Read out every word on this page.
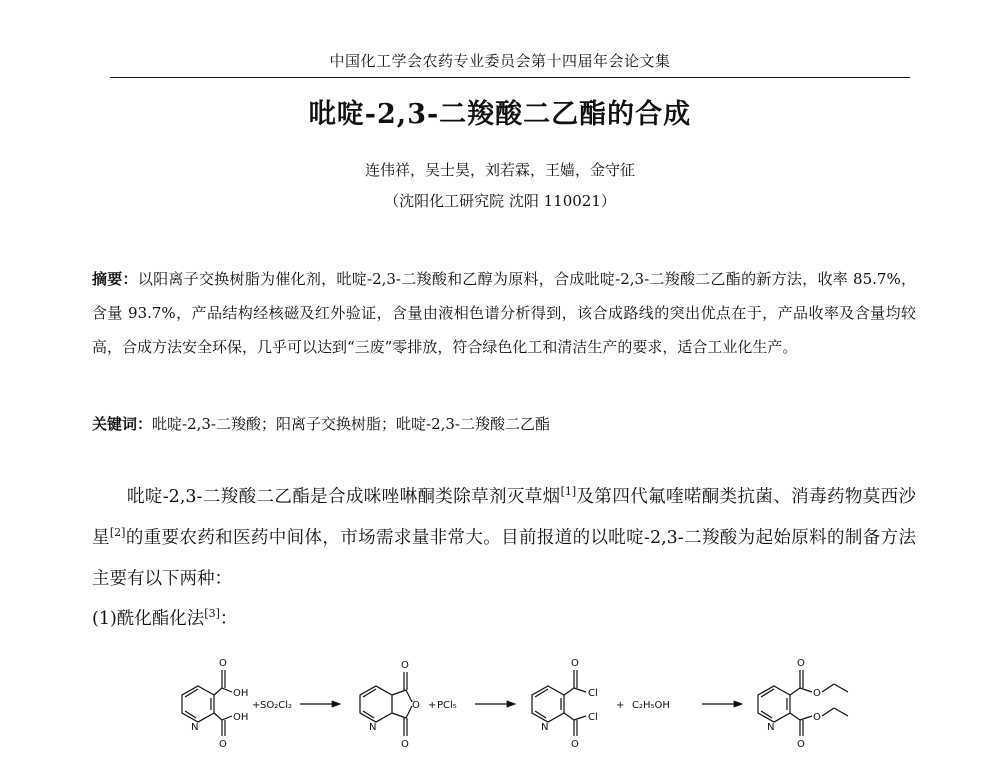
中国化工学会农药专业委员会第十四届年会论文集
吡啶-2,3-二羧酸二乙酯的合成
连伟祥，吴士昊，刘若霖，王嫱，金守征
（沈阳化工研究院 沈阳 110021）
摘要：以阳离子交换树脂为催化剂，吡啶-2,3-二羧酸和乙醇为原料，合成吡啶-2,3-二羧酸二乙酯的新方法，收率 85.7%，含量 93.7%，产品结构经核磁及红外验证，含量由液相色谱分析得到，该合成路线的突出优点在于，产品收率及含量均较高，合成方法安全环保，几乎可以达到“三废”零排放，符合绿色化工和清洁生产的要求，适合工业化生产。
关键词：吡啶-2,3-二羧酸；阳离子交换树脂；吡啶-2,3-二羧酸二乙酯
吡啶-2,3-二羧酸二乙酯是合成咪唑啉酮类除草剂灭草烟[1]及第四代氟喹喏酮类抗菌、消毒药物莫西沙星[2]的重要农药和医药中间体，市场需求量非常大。目前报道的以吡啶-2,3-二羧酸为起始原料的制备方法主要有以下两种：
(1)酰化酯化法[3]：
O
OH
OH
O
N
+ SO₂Cl₂
O
O
O
N
+ PCl₅
O
Cl
Cl
O
N
+ C₂H₅OH
O
O
O
O
N
